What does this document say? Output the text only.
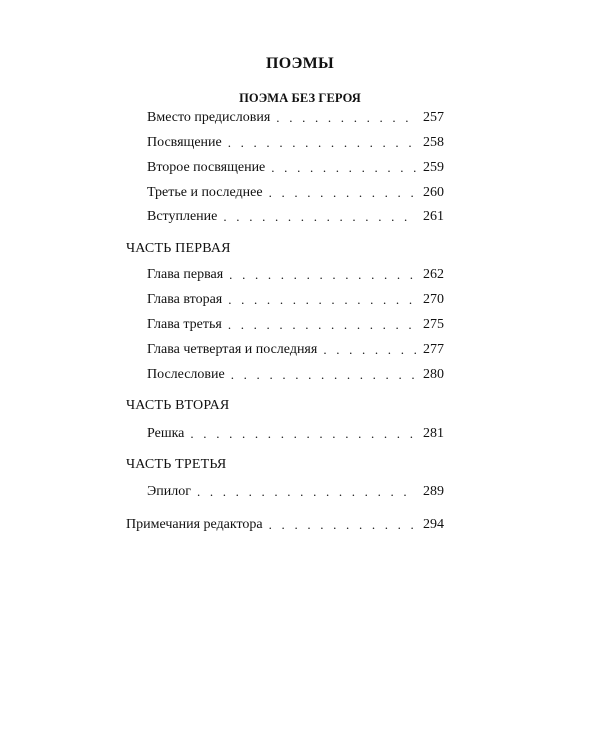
ПОЭМЫ
ПОЭМА БЕЗ ГЕРОЯ
Вместо предисловия . . .	257
Посвящение . . .	258
Второе посвящение . . .	259
Третье и последнее . . .	260
Вступление . . .	261
ЧАСТЬ ПЕРВАЯ
Глава первая . . .	262
Глава вторая . . .	270
Глава третья . . .	275
Глава четвертая и последняя . . .	277
Послесловие . . .	280
ЧАСТЬ ВТОРАЯ
Решка . . .	281
ЧАСТЬ ТРЕТЬЯ
Эпилог . . .	289
Примечания редактора . . .	294
